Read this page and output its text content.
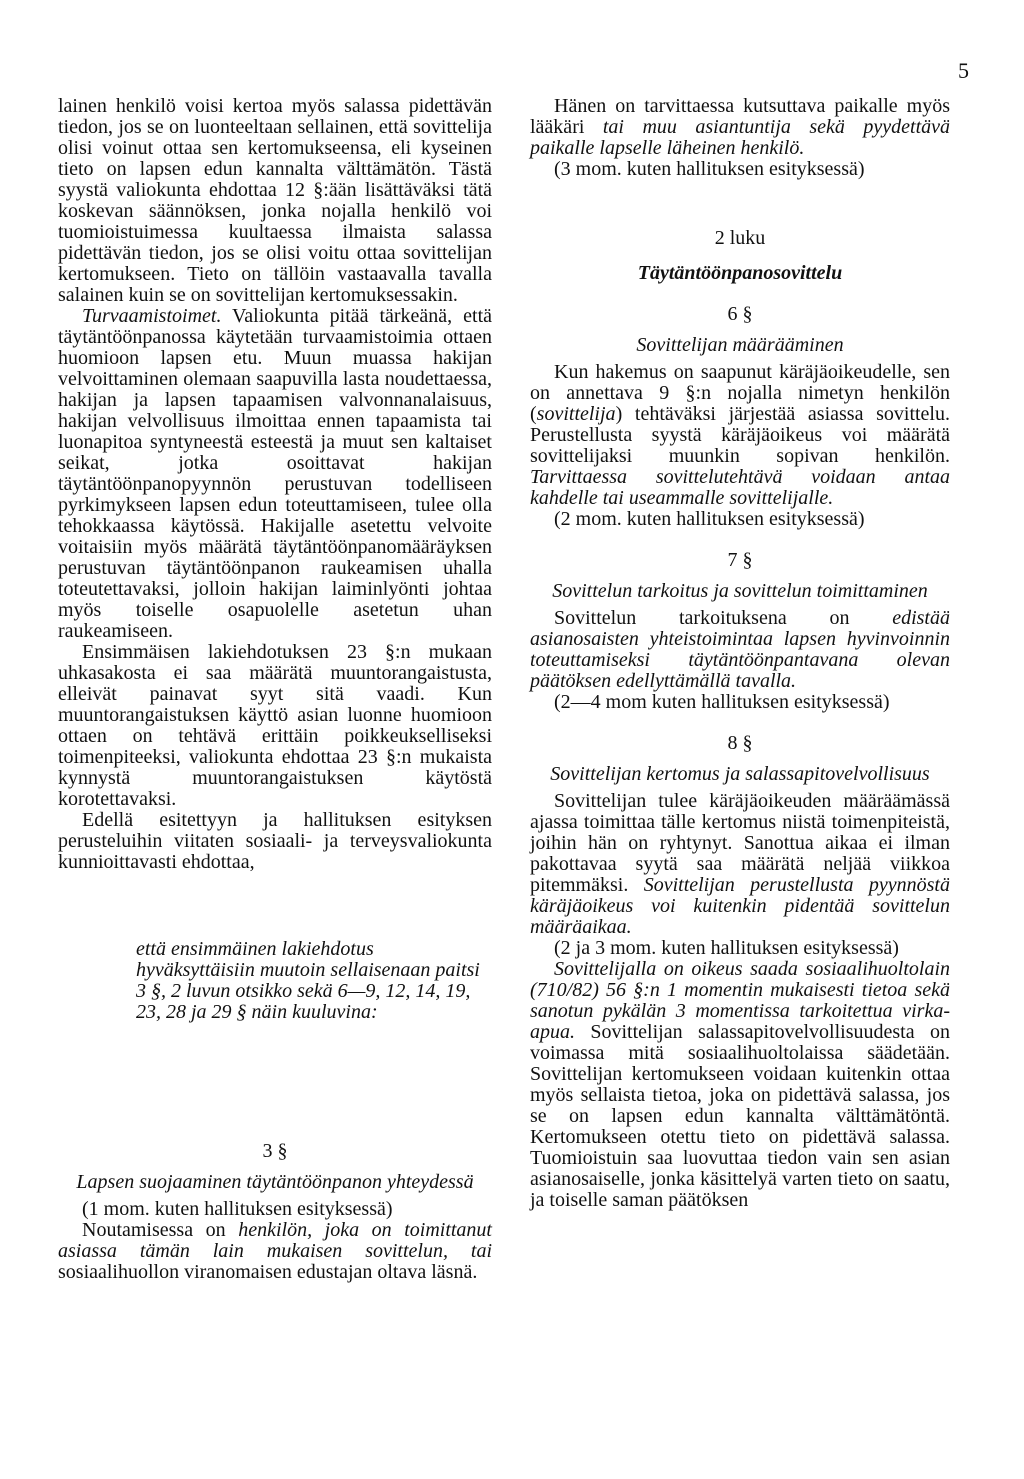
5

lainen henkilö voisi kertoa myös salassa pidettävän tiedon, jos se on luonteeltaan sellainen, että sovittelija olisi voinut ottaa sen kertomukseensa, eli kyseinen tieto on lapsen edun kannalta välttämätön. Tästä syystä valiokunta ehdottaa 12 §:ään lisättäväksi tätä koskevan säännöksen, jonka nojalla henkilö voi tuomioistuimessa kuultaessa ilmaista salassa pidettävän tiedon, jos se olisi voitu ottaa sovittelijan kertomukseen. Tieto on tällöin vastaavalla tavalla salainen kuin se on sovittelijan kertomuksessakin.

Turvaamistoimet. Valiokunta pitää tärkeänä, että täytäntöönpanossa käytetään turvaamistoimia ottaen huomioon lapsen etu. Muun muassa hakijan velvoittaminen olemaan saapuvilla lasta noudettaessa, hakijan ja lapsen tapaamisen valvonnanalaisuus, hakijan velvollisuus ilmoittaa ennen tapaamista tai luonapitoa syntyneestä esteestä ja muut sen kaltaiset seikat, jotka osoittavat hakijan täytäntöönpanopyynnön perustuvan todelliseen pyrkimykseen lapsen edun toteuttamiseen, tulee olla tehokkaassa käytössä. Hakijalle asetettu velvoite voitaisiin myös määrätä täytäntöönpanomääräyksen perustuvan täytäntöönpanon raukeamisen uhalla toteutettavaksi, jolloin hakijan laiminlyönti johtaa myös toiselle osapuolelle asetetun uhan raukeamiseen.

Ensimmäisen lakiehdotuksen 23 §:n mukaan uhkasakosta ei saa määrätä muuntorangaistusta, elleivät painavat syyt sitä vaadi. Kun muuntorangaistuksen käyttö asian luonne huomioon ottaen on tehtävä erittäin poikkeukselliseksi toimenpiteeksi, valiokunta ehdottaa 23 §:n mukaista kynnystä muuntorangaistuksen käytöstä korotettavaksi.

Edellä esitettyyn ja hallituksen esityksen perusteluihin viitaten sosiaali- ja terveysvaliokunta kunnioittavasti ehdottaa,

että ensimmäinen lakiehdotus hyväksyttäisiin muutoin sellaisenaan paitsi 3 §, 2 luvun otsikko sekä 6—9, 12, 14, 19, 23, 28 ja 29 § näin kuuluvina:

3 §

Lapsen suojaaminen täytäntöönpanon yhteydessä

(1 mom. kuten hallituksen esityksessä)

Noutamisessa on henkilön, joka on toimittanut asiassa tämän lain mukaisen sovittelun, tai sosiaalihuollon viranomaisen edustajan oltava läsnä.

Hänen on tarvittaessa kutsuttava paikalle myös lääkäri tai muu asiantuntija sekä pyydettävä paikalle lapselle läheinen henkilö.

(3 mom. kuten hallituksen esityksessä)

2 luku

Täytäntöönpanosovittelu

6 §

Sovittelijan määrääminen

Kun hakemus on saapunut käräjäoikeudelle, sen on annettava 9 §:n nojalla nimetyn henkilön (sovittelija) tehtäväksi järjestää asiassa sovittelu. Perustellusta syystä käräjäoikeus voi määrätä sovittelijaksi muunkin sopivan henkilön. Tarvittaessa sovittelutehtävä voidaan antaa kahdelle tai useammalle sovittelijalle.

(2 mom. kuten hallituksen esityksessä)

7 §

Sovittelun tarkoitus ja sovittelun toimittaminen

Sovittelun tarkoituksena on edistää asianosaisten yhteistoimintaa lapsen hyvinvoinnin toteuttamiseksi täytäntöönpantavana olevan päätöksen edellyttämällä tavalla.

(2—4 mom kuten hallituksen esityksessä)

8 §

Sovittelijan kertomus ja salassapitovelvollisuus

Sovittelijan tulee käräjäoikeuden määräämässä ajassa toimittaa tälle kertomus niistä toimenpiteistä, joihin hän on ryhtynyt. Sanottua aikaa ei ilman pakottavaa syytä saa määrätä neljää viikkoa pitemmäksi. Sovittelijan perustellusta pyynnöstä käräjäoikeus voi kuitenkin pidentää sovittelun määräaikaa.

(2 ja 3 mom. kuten hallituksen esityksessä)

Sovittelijalla on oikeus saada sosiaalihuoltolain (710/82) 56 §:n 1 momentin mukaisesti tietoa sekä sanotun pykälän 3 momentissa tarkoitettua virka-apua. Sovittelijan salassapitovelvollisuudesta on voimassa mitä sosiaalihuoltolaissa säädetään. Sovittelijan kertomukseen voidaan kuitenkin ottaa myös sellaista tietoa, joka on pidettävä salassa, jos se on lapsen edun kannalta välttämätöntä. Kertomukseen otettu tieto on pidettävä salassa. Tuomioistuin saa luovuttaa tiedon vain sen asian asianosaiselle, jonka käsittelyä varten tieto on saatu, ja toiselle saman päätöksen
